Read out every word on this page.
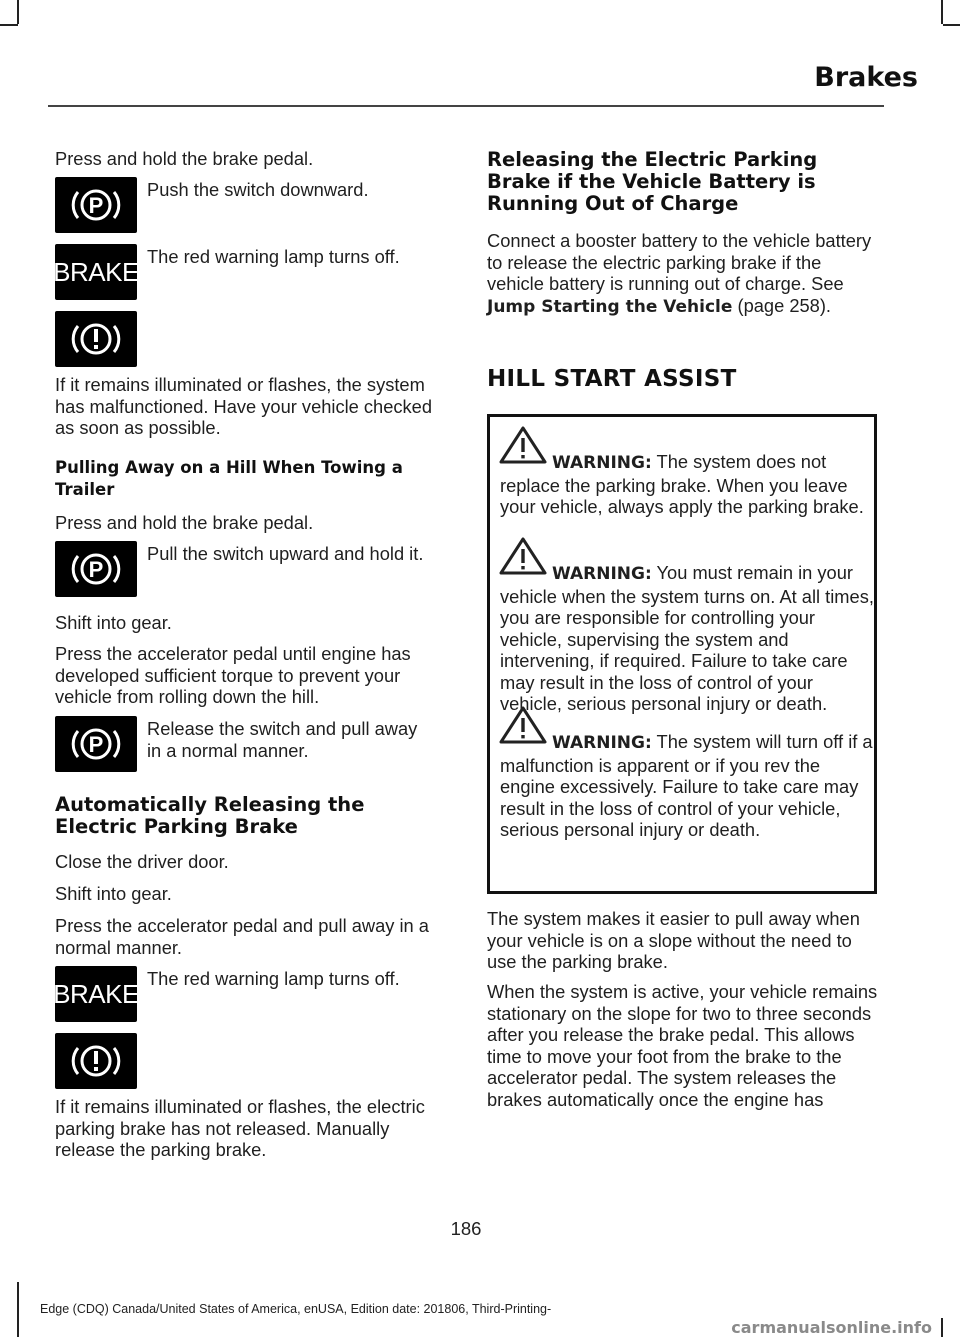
Brakes
Press and hold the brake pedal.
P
Push the switch downward.
BRAKE The red warning lamp turns off.
If it remains illuminated or flashes, the system has malfunctioned. Have your vehicle checked as soon as possible.
Pulling Away on a Hill When Towing a Trailer
Press and hold the brake pedal.
P
Pull the switch upward and hold it.
Shift into gear.
Press the accelerator pedal until engine has developed sufficient torque to prevent your vehicle from rolling down the hill.
P
Release the switch and pull away in a normal manner.
Automatically Releasing the Electric Parking Brake
Close the driver door.
Shift into gear.
Press the accelerator pedal and pull away in a normal manner.
BRAKE The red warning lamp turns off.
If it remains illuminated or flashes, the electric parking brake has not released. Manually release the parking brake.
Releasing the Electric Parking Brake if the Vehicle Battery is Running Out of Charge
Connect a booster battery to the vehicle battery to release the electric parking brake if the vehicle battery is running out of charge. See Jump Starting the Vehicle (page 258).
HILL START ASSIST
WARNING: The system does not replace the parking brake. When you leave your vehicle, always apply the parking brake.
WARNING: You must remain in your vehicle when the system turns on. At all times, you are responsible for controlling your vehicle, supervising the system and intervening, if required. Failure to take care may result in the loss of control of your vehicle, serious personal injury or death.
WARNING: The system will turn off if a malfunction is apparent or if you rev the engine excessively. Failure to take care may result in the loss of control of your vehicle, serious personal injury or death.
The system makes it easier to pull away when your vehicle is on a slope without the need to use the parking brake.
When the system is active, your vehicle remains stationary on the slope for two to three seconds after you release the brake pedal. This allows time to move your foot from the brake to the accelerator pedal. The system releases the brakes automatically once the engine has
186
Edge (CDQ) Canada/United States of America, enUSA, Edition date: 201806, Third-Printing-
carmanualsonline.info
